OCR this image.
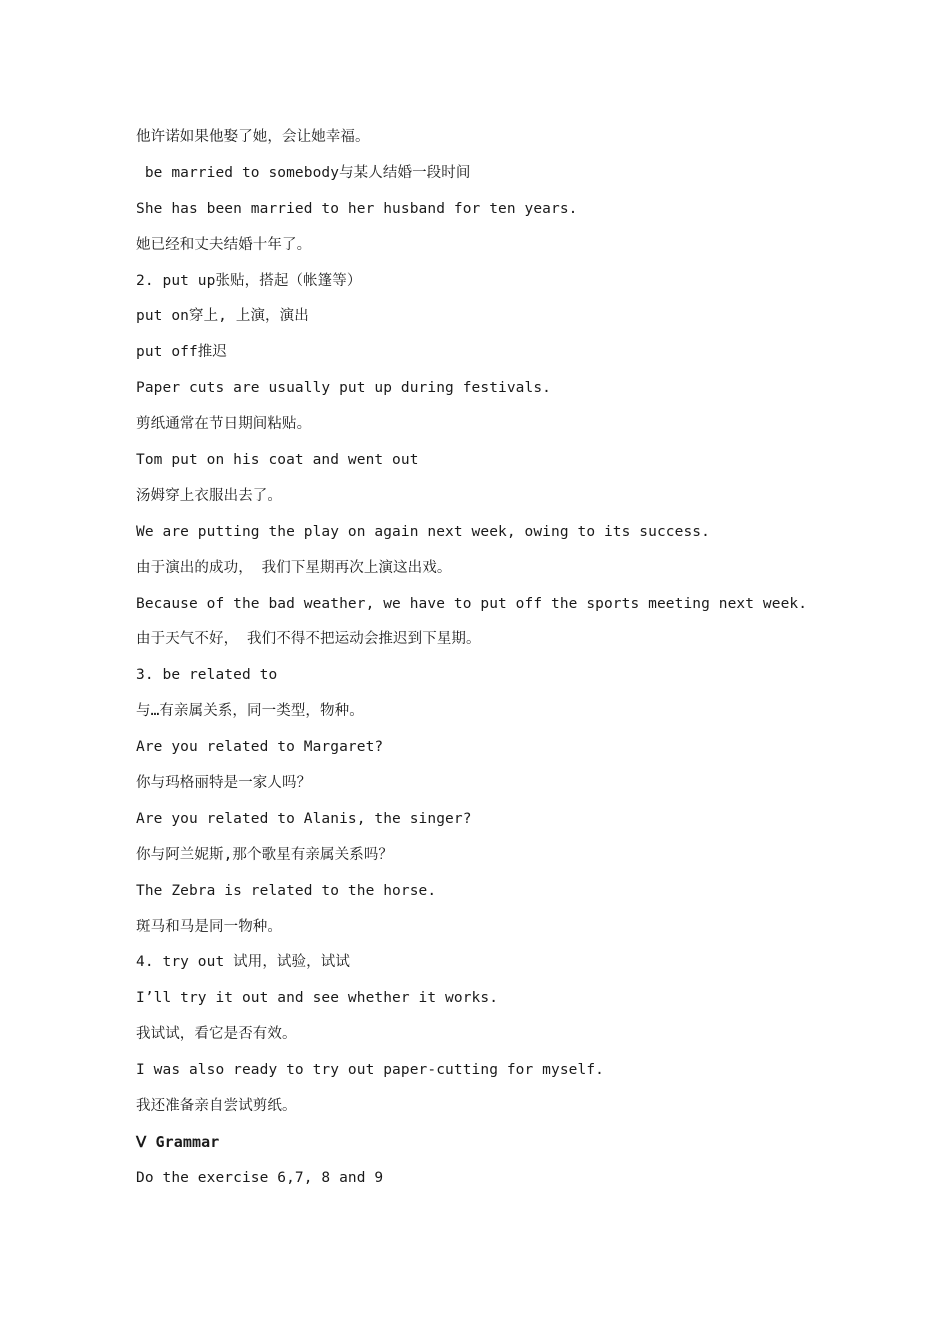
他许诺如果他娶了她，会让她幸福。
be married to somebody与某人结婚一段时间
She has been married to her husband for ten years.
她已经和丈夫结婚十年了。
2. put up张贴，搭起（帐篷等）
put on穿上, 上演，演出
put off推迟
Paper cuts are usually put up during festivals.
剪纸通常在节日期间粘贴。
Tom put on his coat and went out
汤姆穿上衣服出去了。
We are putting the play on again next week, owing to its success.
由于演出的成功， 我们下星期再次上演这出戏。
Because of the bad weather, we have to put off the sports meeting next week.
由于天气不好， 我们不得不把运动会推迟到下星期。
3. be related to
与…有亲属关系，同一类型，物种。
Are you related to Margaret?
你与玛格丽特是一家人吗？
Are you related to Alanis, the singer?
你与阿兰妮斯,那个歌星有亲属关系吗？
The Zebra is related to the horse.
斑马和马是同一物种。
4. try out 试用，试验，试试
I’ll try it out and see whether it works.
我试试，看它是否有效。
I was also ready to try out paper-cutting for myself.
我还准备亲自尝试剪纸。
Ⅴ Grammar
Do the exercise 6,7, 8 and 9
